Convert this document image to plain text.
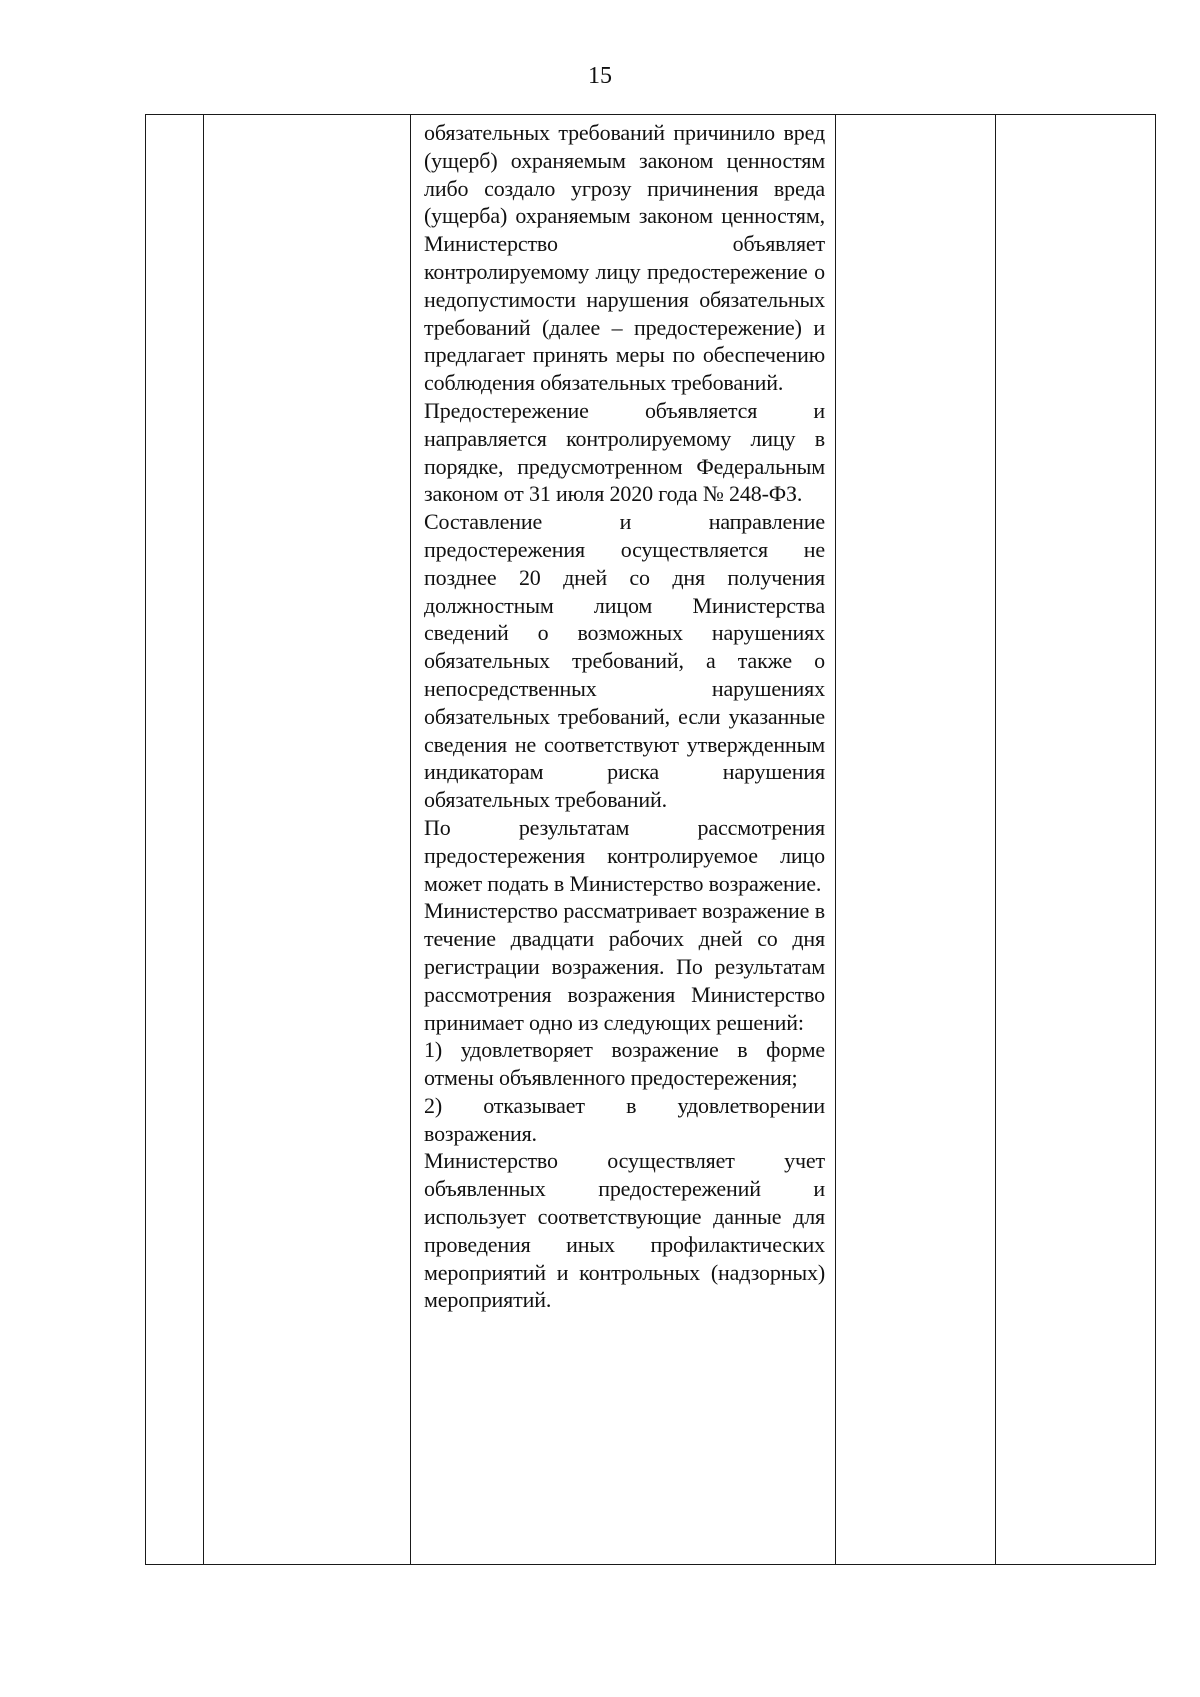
15

обязательных требований причинило вред (ущерб) охраняемым законом ценностям либо создало угрозу причинения вреда (ущерба) охраняемым законом ценностям, Министерство объявляет контролируемому лицу предостережение о недопустимости нарушения обязательных требований (далее – предостережение) и предлагает принять меры по обеспечению соблюдения обязательных требований.

Предостережение объявляется и направляется контролируемому лицу в порядке, предусмотренном Федеральным законом от 31 июля 2020 года № 248-ФЗ.

Составление и направление предостережения осуществляется не позднее 20 дней со дня получения должностным лицом Министерства сведений о возможных нарушениях обязательных требований, а также о непосредственных нарушениях обязательных требований, если указанные сведения не соответствуют утвержденным индикаторам риска нарушения обязательных требований.

По результатам рассмотрения предостережения контролируемое лицо может подать в Министерство возражение.

Министерство рассматривает возражение в течение двадцати рабочих дней со дня регистрации возражения. По результатам рассмотрения возражения Министерство принимает одно из следующих решений:

1) удовлетворяет возражение в форме отмены объявленного предостережения;

2) отказывает в удовлетворении возражения.

Министерство осуществляет учет объявленных предостережений и использует соответствующие данные для проведения иных профилактических мероприятий и контрольных (надзорных) мероприятий.
